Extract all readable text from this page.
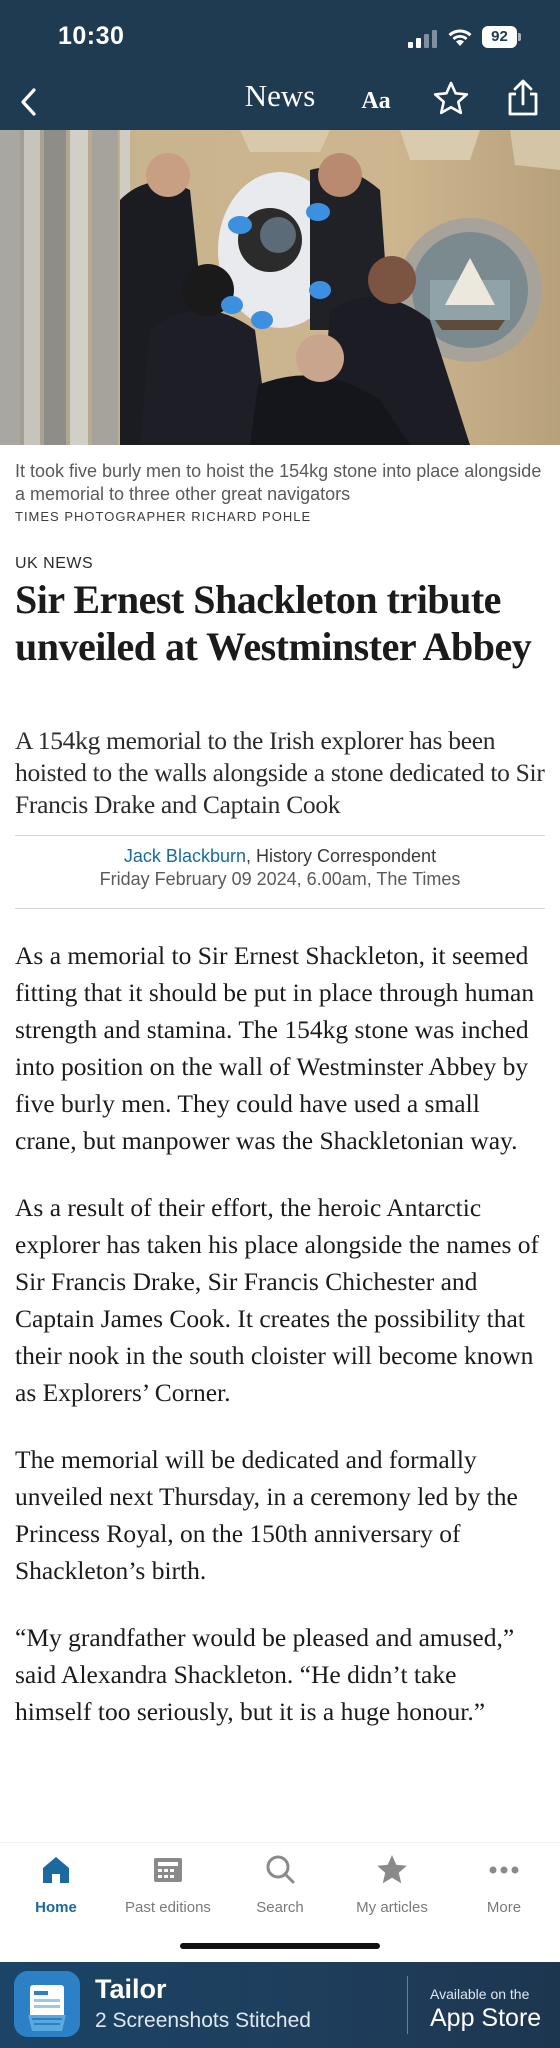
10:30	92
News	Aa
It took five burly men to hoist the 154kg stone into place alongside a memorial to three other great navigators
TIMES PHOTOGRAPHER RICHARD POHLE
UK NEWS
Sir Ernest Shackleton tribute unveiled at Westminster Abbey

A 154kg memorial to the Irish explorer has been hoisted to the walls alongside a stone dedicated to Sir Francis Drake and Captain Cook

Jack Blackburn, History Correspondent
Friday February 09 2024, 6.00am, The Times

As a memorial to Sir Ernest Shackleton, it seemed fitting that it should be put in place through human strength and stamina. The 154kg stone was inched into position on the wall of Westminster Abbey by five burly men. They could have used a small crane, but manpower was the Shackletonian way.

As a result of their effort, the heroic Antarctic explorer has taken his place alongside the names of Sir Francis Drake, Sir Francis Chichester and Captain James Cook. It creates the possibility that their nook in the south cloister will become known as Explorers’ Corner.

The memorial will be dedicated and formally unveiled next Thursday, in a ceremony led by the Princess Royal, on the 150th anniversary of Shackleton’s birth.

“My grandfather would be pleased and amused,” said Alexandra Shackleton. “He didn’t take himself too seriously, but it is a huge honour.”

Home	Past editions	Search	My articles	More
Tailor
2 Screenshots Stitched
Available on the
App Store
